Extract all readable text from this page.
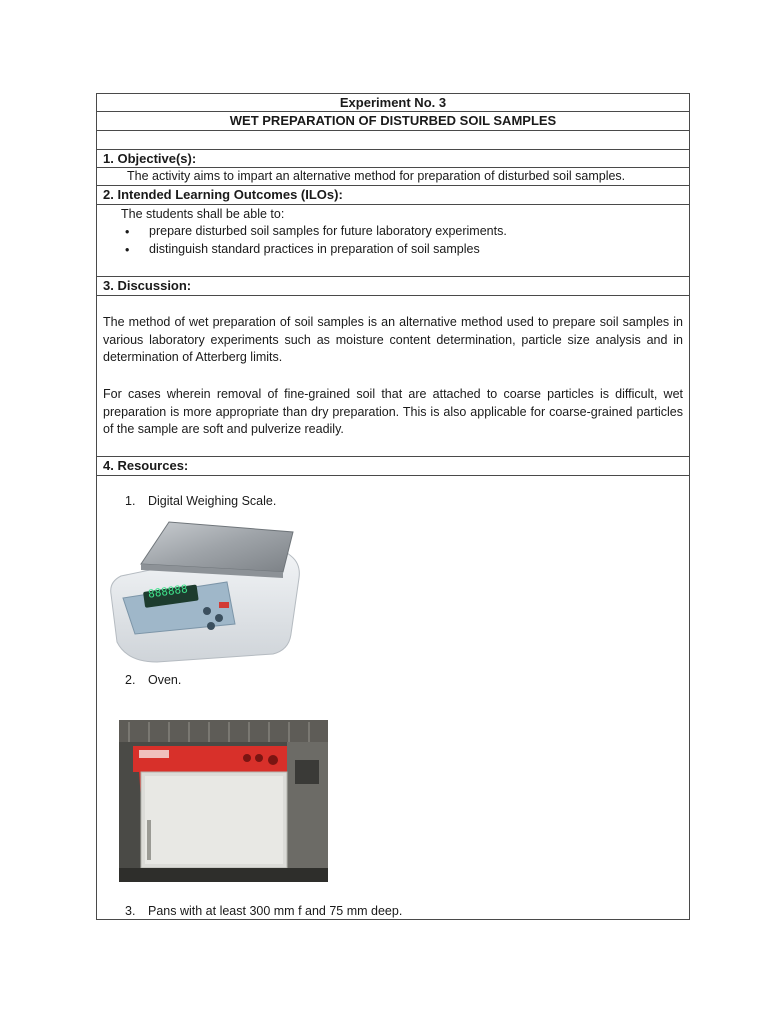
Experiment No. 3
WET PREPARATION OF DISTURBED SOIL SAMPLES
1. Objective(s):
The activity aims to impart an alternative method for preparation of disturbed soil samples.
2. Intended Learning Outcomes (ILOs):
The students shall be able to:
• prepare disturbed soil samples for future laboratory experiments.
• distinguish standard practices in preparation of soil samples
3. Discussion:

The method of wet preparation of soil samples is an alternative method used to prepare soil samples in various laboratory experiments such as moisture content determination, particle size analysis and in determination of Atterberg limits.

For cases wherein removal of fine-grained soil that are attached to coarse particles is difficult, wet preparation is more appropriate than dry preparation. This is also applicable for coarse-grained particles of the sample are soft and pulverize readily.

4. Resources:
1. Digital Weighing Scale.
888888
2. Oven.
3. Pans with at least 300 mm f and 75 mm deep.
